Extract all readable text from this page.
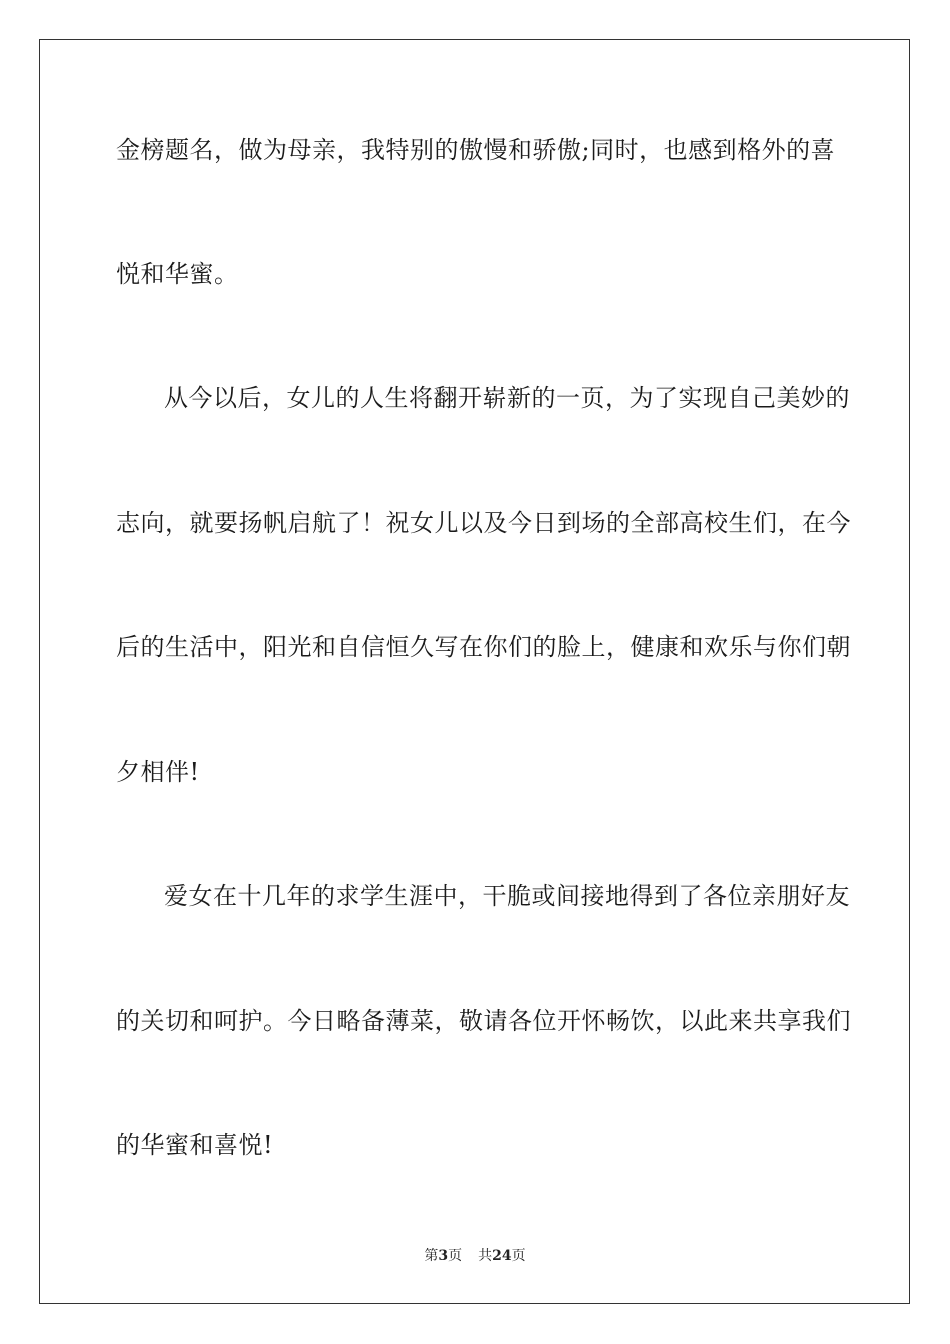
金榜题名，做为母亲，我特别的傲慢和骄傲;同时，也感到格外的喜
悦和华蜜。
从今以后，女儿的人生将翻开崭新的一页，为了实现自己美妙的
志向，就要扬帆启航了！祝女儿以及今日到场的全部高校生们，在今
后的生活中，阳光和自信恒久写在你们的脸上，健康和欢乐与你们朝
夕相伴!
爱女在十几年的求学生涯中，干脆或间接地得到了各位亲朋好友
的关切和呵护。今日略备薄菜，敬请各位开怀畅饮，以此来共享我们
的华蜜和喜悦!
第3页 共24页
